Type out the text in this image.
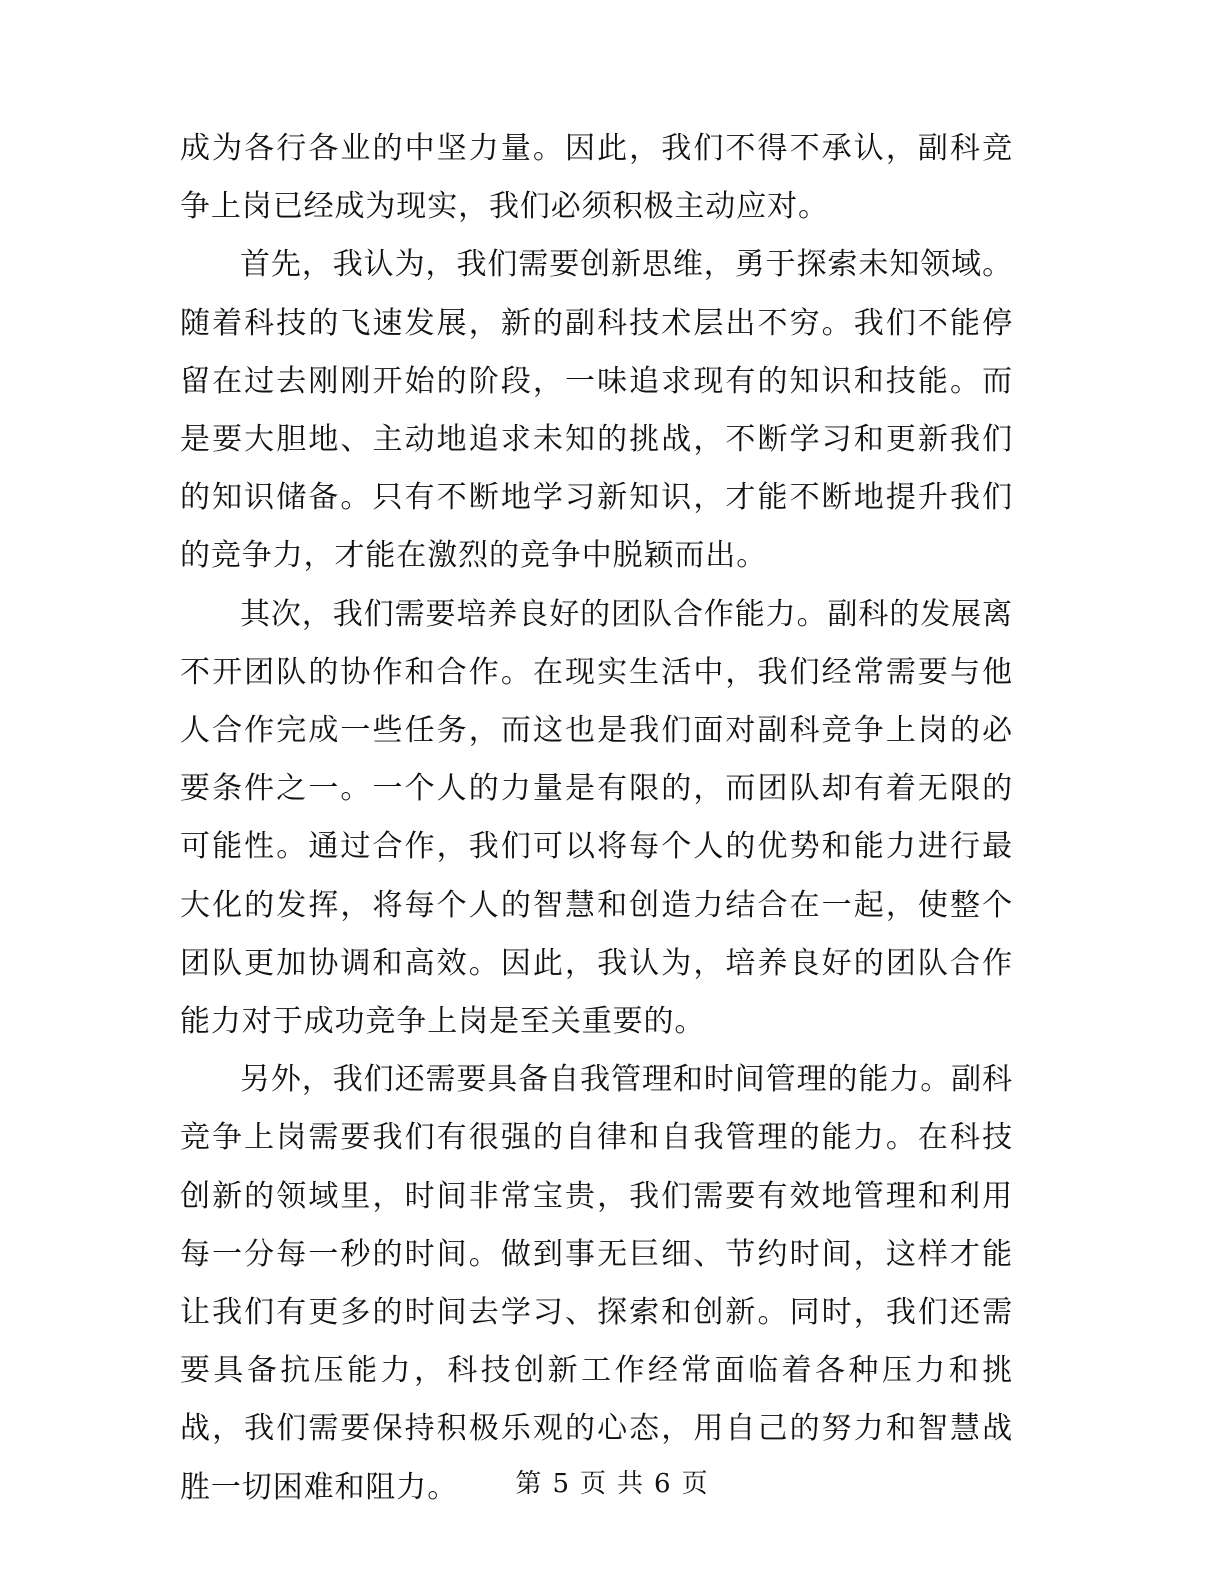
成为各行各业的中坚力量。因此，我们不得不承认，副科竞争上岗已经成为现实，我们必须积极主动应对。

首先，我认为，我们需要创新思维，勇于探索未知领域。随着科技的飞速发展，新的副科技术层出不穷。我们不能停留在过去刚刚开始的阶段，一味追求现有的知识和技能。而是要大胆地、主动地追求未知的挑战，不断学习和更新我们的知识储备。只有不断地学习新知识，才能不断地提升我们的竞争力，才能在激烈的竞争中脱颖而出。

其次，我们需要培养良好的团队合作能力。副科的发展离不开团队的协作和合作。在现实生活中，我们经常需要与他人合作完成一些任务，而这也是我们面对副科竞争上岗的必要条件之一。一个人的力量是有限的，而团队却有着无限的可能性。通过合作，我们可以将每个人的优势和能力进行最大化的发挥，将每个人的智慧和创造力结合在一起，使整个团队更加协调和高效。因此，我认为，培养良好的团队合作能力对于成功竞争上岗是至关重要的。

另外，我们还需要具备自我管理和时间管理的能力。副科竞争上岗需要我们有很强的自律和自我管理的能力。在科技创新的领域里，时间非常宝贵，我们需要有效地管理和利用每一分每一秒的时间。做到事无巨细、节约时间，这样才能让我们有更多的时间去学习、探索和创新。同时，我们还需要具备抗压能力，科技创新工作经常面临着各种压力和挑战，我们需要保持积极乐观的心态，用自己的努力和智慧战胜一切困难和阻力。	第 5 页 共 6 页
